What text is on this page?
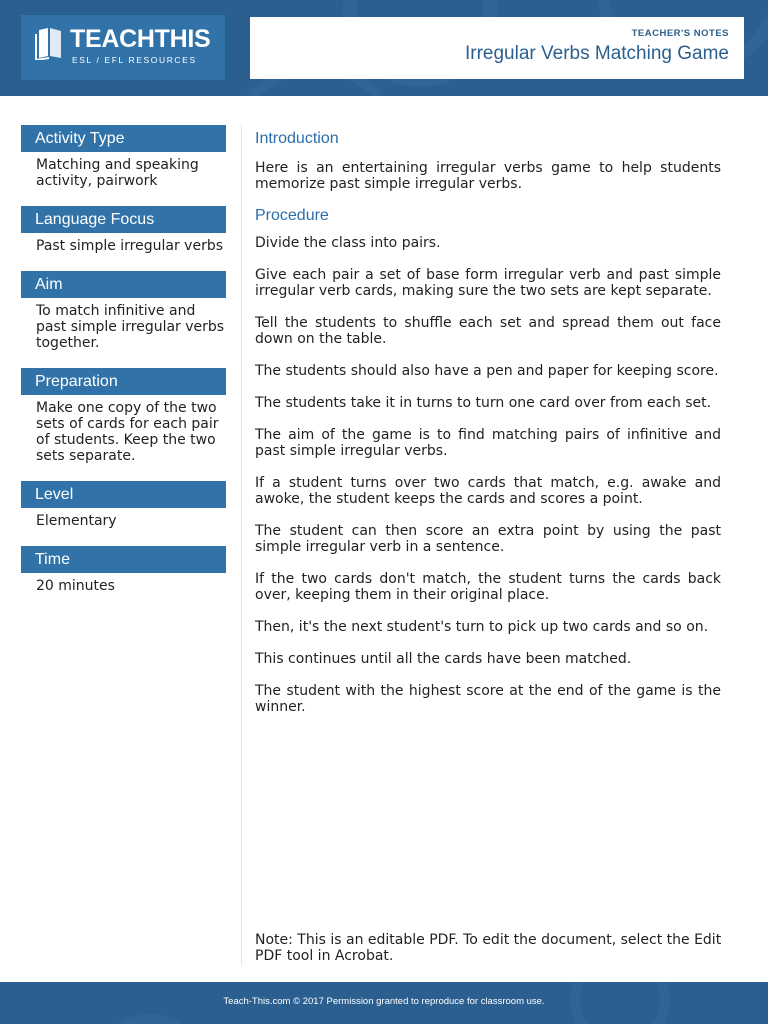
TEACHTHIS
ESL / EFL RESOURCES
TEACHER'S NOTES
Irregular Verbs Matching Game
Activity Type
Matching and speaking activity, pairwork
Language Focus
Past simple irregular verbs
Aim
To match infinitive and past simple irregular verbs together.
Preparation
Make one copy of the two sets of cards for each pair of students. Keep the two sets separate.
Level
Elementary
Time
20 minutes
Introduction

Here is an entertaining irregular verbs game to help students memorize past simple irregular verbs.

Procedure

Divide the class into pairs.

Give each pair a set of base form irregular verb and past simple irregular verb cards, making sure the two sets are kept separate.

Tell the students to shuffle each set and spread them out face down on the table.

The students should also have a pen and paper for keeping score.

The students take it in turns to turn one card over from each set.

The aim of the game is to find matching pairs of infinitive and past simple irregular verbs.

If a student turns over two cards that match, e.g. awake and awoke, the student keeps the cards and scores a point.

The student can then score an extra point by using the past simple irregular verb in a sentence.

If the two cards don't match, the student turns the cards back over, keeping them in their original place.

Then, it's the next student's turn to pick up two cards and so on.

This continues until all the cards have been matched.

The student with the highest score at the end of the game is the winner.

Note: This is an editable PDF. To edit the document, select the Edit PDF tool in Acrobat.

Teach-This.com © 2017 Permission granted to reproduce for classroom use.
